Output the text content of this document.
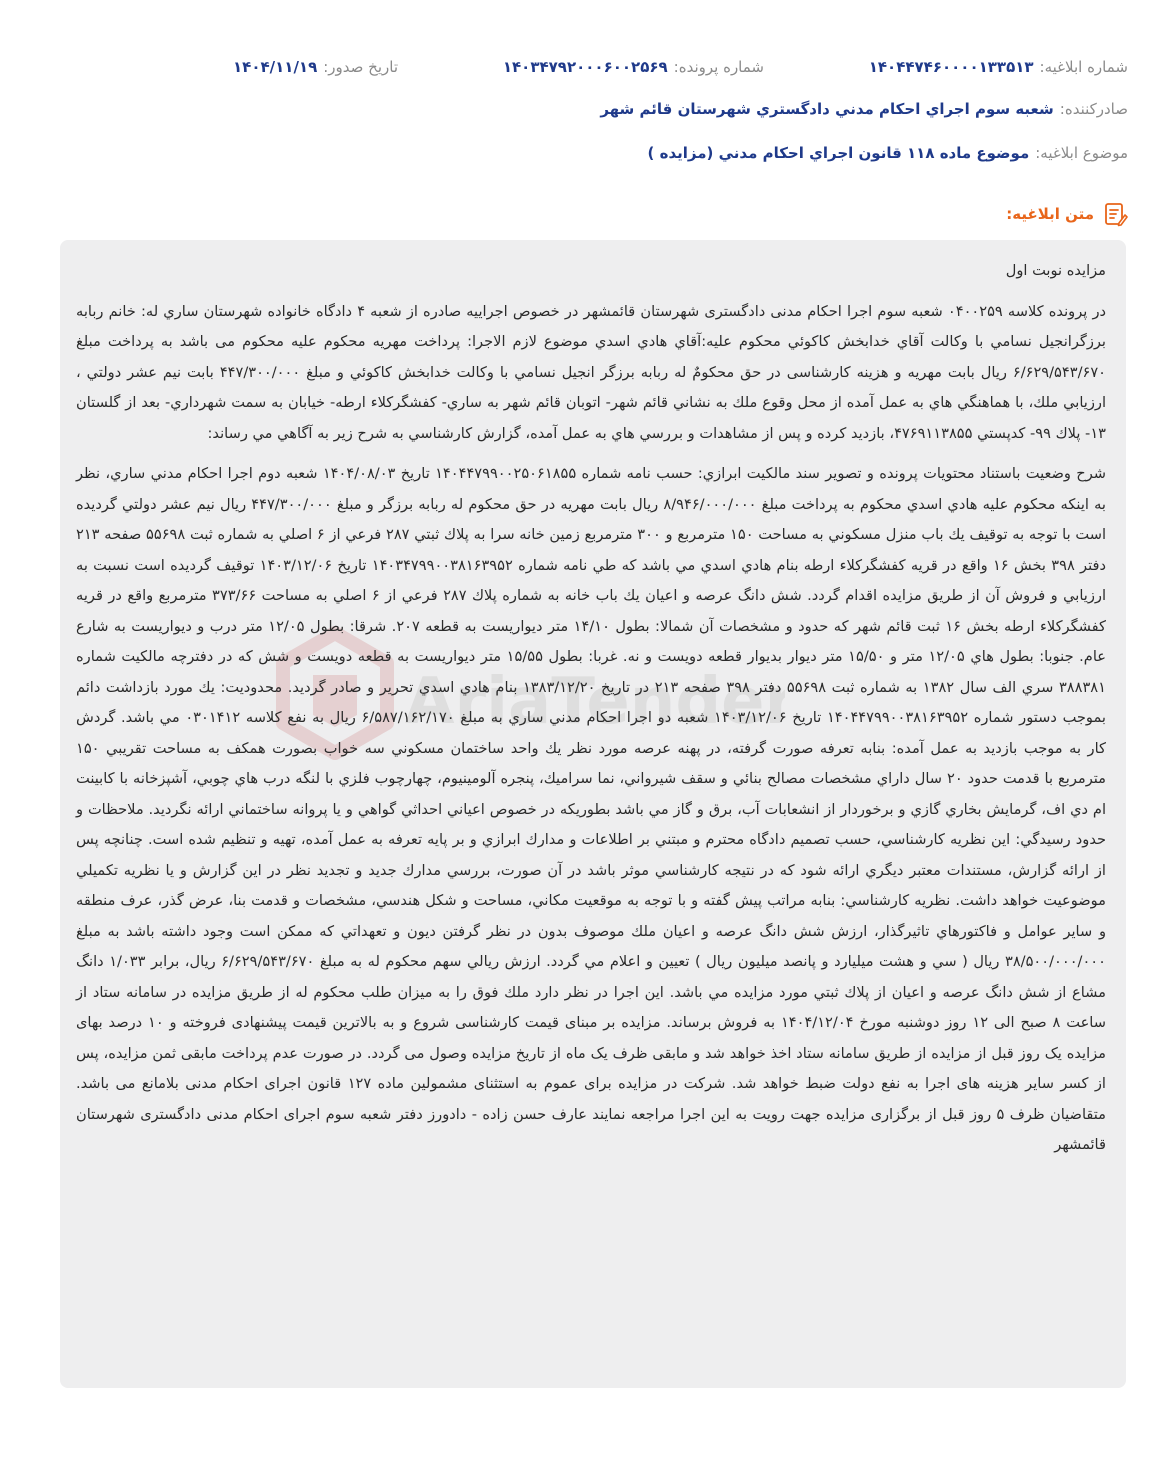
شماره ابلاغيه:۱۴۰۴۴۷۴۶۰۰۰۰۱۳۳۵۱۳
شماره پرونده:۱۴۰۳۴۷۹۲۰۰۰۶۰۰۲۵۶۹
تاريخ صدور:۱۴۰۴/۱۱/۱۹
صادرکننده:شعبه سوم اجراي احكام مدني دادگستري شهرستان قائم شهر
موضوع ابلاغيه:موضوع ماده ۱۱۸ قانون اجراي احكام مدني (مزايده )
متن ابلاغيه:
AriaTender

مزايده نوبت اول

در پرونده كلاسه ۰۴۰۰۲۵۹ شعبه سوم اجرا احكام مدنى دادگسترى شهرستان قائمشهر در خصوص اجراييه صادره از شعبه ۴ دادگاه خانواده شهرستان ساري له: خانم ربابه برزگرانجيل نسامي با وكالت آقاي خدابخش كاكوئي محكوم عليه:آقاي هادي اسدي موضوع لازم الاجرا: پرداخت مهريه محكوم عليه محكوم مى باشد به پرداخت مبلغ ۶/۶۲۹/۵۴۳/۶۷۰ ريال بابت مهريه و هزينه كارشناسى در حق محكومٌ له ربابه برزگر انجيل نسامي با وكالت خدابخش كاكوئي و مبلغ ۴۴۷/۳۰۰/۰۰۰ بابت نيم عشر دولتي ، ارزيابي ملك، با هماهنگي هاي به عمل آمده از محل وقوع ملك به نشاني قائم شهر- اتوبان قائم شهر به ساري- كفشگركلاء ارطه- خيابان به سمت شهرداري- بعد از گلستان ۱۳- پلاك ۹۹- كدپستي ۴۷۶۹۱۱۳۸۵۵، بازديد كرده و پس از مشاهدات و بررسي هاي به عمل آمده، گزارش كارشناسي به شرح زير به آگاهي مي رساند:

شرح وضعيت باستناد محتويات پرونده و تصوير سند مالكيت ابرازي: حسب نامه شماره ۱۴۰۴۴۷۹۹۰۰۲۵۰۶۱۸۵۵ تاريخ ۱۴۰۴/۰۸/۰۳ شعبه دوم اجرا احكام مدني ساري، نظر به اينكه محكوم عليه هادي اسدي محكوم به پرداخت مبلغ ۸/۹۴۶/۰۰۰/۰۰۰ ريال بابت مهريه در حق محكوم له ربابه برزگر و مبلغ ۴۴۷/۳۰۰/۰۰۰ ريال نيم عشر دولتي گرديده است با توجه به توقيف يك باب منزل مسكوني به مساحت ۱۵۰ مترمربع و ۳۰۰ مترمربع زمين خانه سرا به پلاك ثبتي ۲۸۷ فرعي از ۶ اصلي به شماره ثبت ۵۵۶۹۸ صفحه ۲۱۳ دفتر ۳۹۸ بخش ۱۶ واقع در قريه كفشگركلاء ارطه بنام هادي اسدي مي باشد كه طي نامه شماره ۱۴۰۳۴۷۹۹۰۰۳۸۱۶۳۹۵۲ تاريخ ۱۴۰۳/۱۲/۰۶ توقيف گرديده است نسبت به ارزيابي و فروش آن از طريق مزايده اقدام گردد. شش دانگ عرصه و اعيان يك باب خانه به شماره پلاك ۲۸۷ فرعي از ۶ اصلي به مساحت ۳۷۳/۶۶ مترمربع واقع در قريه كفشگركلاء ارطه بخش ۱۶ ثبت قائم شهر كه حدود و مشخصات آن شمالا: بطول ۱۴/۱۰ متر ديواريست به قطعه ۲۰۷. شرقا: بطول ۱۲/۰۵ متر درب و ديواريست به شارع عام. جنوبا: بطول هاي ۱۲/۰۵ متر و ۱۵/۵۰ متر ديوار بديوار قطعه دويست و نه. غربا: بطول ۱۵/۵۵ متر ديواريست به قطعه دويست و شش كه در دفترچه مالكيت شماره ۳۸۸۳۸۱ سري الف سال ۱۳۸۲ به شماره ثبت ۵۵۶۹۸ دفتر ۳۹۸ صفحه ۲۱۳ در تاريخ ۱۳۸۳/۱۲/۲۰ بنام هادي اسدي تحرير و صادر گرديد. محدوديت: يك مورد بازداشت دائم بموجب دستور شماره ۱۴۰۴۴۷۹۹۰۰۳۸۱۶۳۹۵۲ تاريخ ۱۴۰۳/۱۲/۰۶ شعبه دو اجرا احكام مدني ساري به مبلغ ۶/۵۸۷/۱۶۲/۱۷۰ ريال به نفع كلاسه ۰۳۰۱۴۱۲ مي باشد. گردش كار به موجب بازديد به عمل آمده: بنابه تعرفه صورت گرفته، در پهنه عرصه مورد نظر يك واحد ساختمان مسكوني سه خواب بصورت همكف به مساحت تقريبي ۱۵۰ مترمربع با قدمت حدود ۲۰ سال داراي مشخصات مصالح بنائي و سقف شيرواني، نما سراميك، پنجره آلومينيوم، چهارچوب فلزي با لنگه درب هاي چوبي، آشپزخانه با كابينت ام دي اف، گرمايش بخاري گازي و برخوردار از انشعابات آب، برق و گاز مي باشد بطوريكه در خصوص اعياني احداثي گواهي و يا پروانه ساختماني ارائه نگرديد. ملاحظات و حدود رسيدگي: اين نظريه كارشناسي، حسب تصميم دادگاه محترم و مبتني بر اطلاعات و مدارك ابرازي و بر پايه تعرفه به عمل آمده، تهيه و تنظيم شده است. چنانچه پس از ارائه گزارش، مستندات معتبر ديگري ارائه شود كه در نتيجه كارشناسي موثر باشد در آن صورت، بررسي مدارك جديد و تجديد نظر در اين گزارش و يا نظريه تكميلي موضوعيت خواهد داشت. نظريه كارشناسي: بنابه مراتب پيش گفته و با توجه به موقعيت مكاني، مساحت و شكل هندسي، مشخصات و قدمت بنا، عرض گذر، عرف منطقه و ساير عوامل و فاكتورهاي تاثيرگذار، ارزش شش دانگ عرصه و اعيان ملك موصوف بدون در نظر گرفتن ديون و تعهداتي كه ممكن است وجود داشته باشد به مبلغ ۳۸/۵۰۰/۰۰۰/۰۰۰ ريال ( سي و هشت ميليارد و پانصد ميليون ريال ) تعيين و اعلام مي گردد. ارزش ريالي سهم محكوم له به مبلغ ۶/۶۲۹/۵۴۳/۶۷۰ ريال، برابر ۱/۰۳۳ دانگ مشاع از شش دانگ عرصه و اعيان از پلاك ثبتي مورد مزايده مي باشد. اين اجرا در نظر دارد ملك فوق را به ميزان طلب محكوم له از طريق مزايده در سامانه ستاد از ساعت ۸ صبح الى ۱۲ روز دوشنبه مورخ ۱۴۰۴/۱۲/۰۴ به فروش برساند. مزايده بر مبناى قيمت كارشناسى شروع و به بالاترين قيمت پيشنهادى فروخته و ۱۰ درصد بهاى مزايده يک روز قبل از مزايده از طريق سامانه ستاد اخذ خواهد شد و مابقى ظرف يک ماه از تاريخ مزايده وصول مى گردد. در صورت عدم پرداخت مابقى ثمن مزايده، پس از کسر ساير هزينه هاى اجرا به نفع دولت ضبط خواهد شد. شركت در مزايده براى عموم به استثناى مشمولين ماده ۱۲۷ قانون اجراى احكام مدنى بلامانع مى باشد. متقاضيان ظرف ۵ روز قبل از برگزارى مزايده جهت رويت به اين اجرا مراجعه نمايند عارف حسن زاده - دادورز دفتر شعبه سوم اجراى احكام مدنى دادگسترى شهرستان قائمشهر
